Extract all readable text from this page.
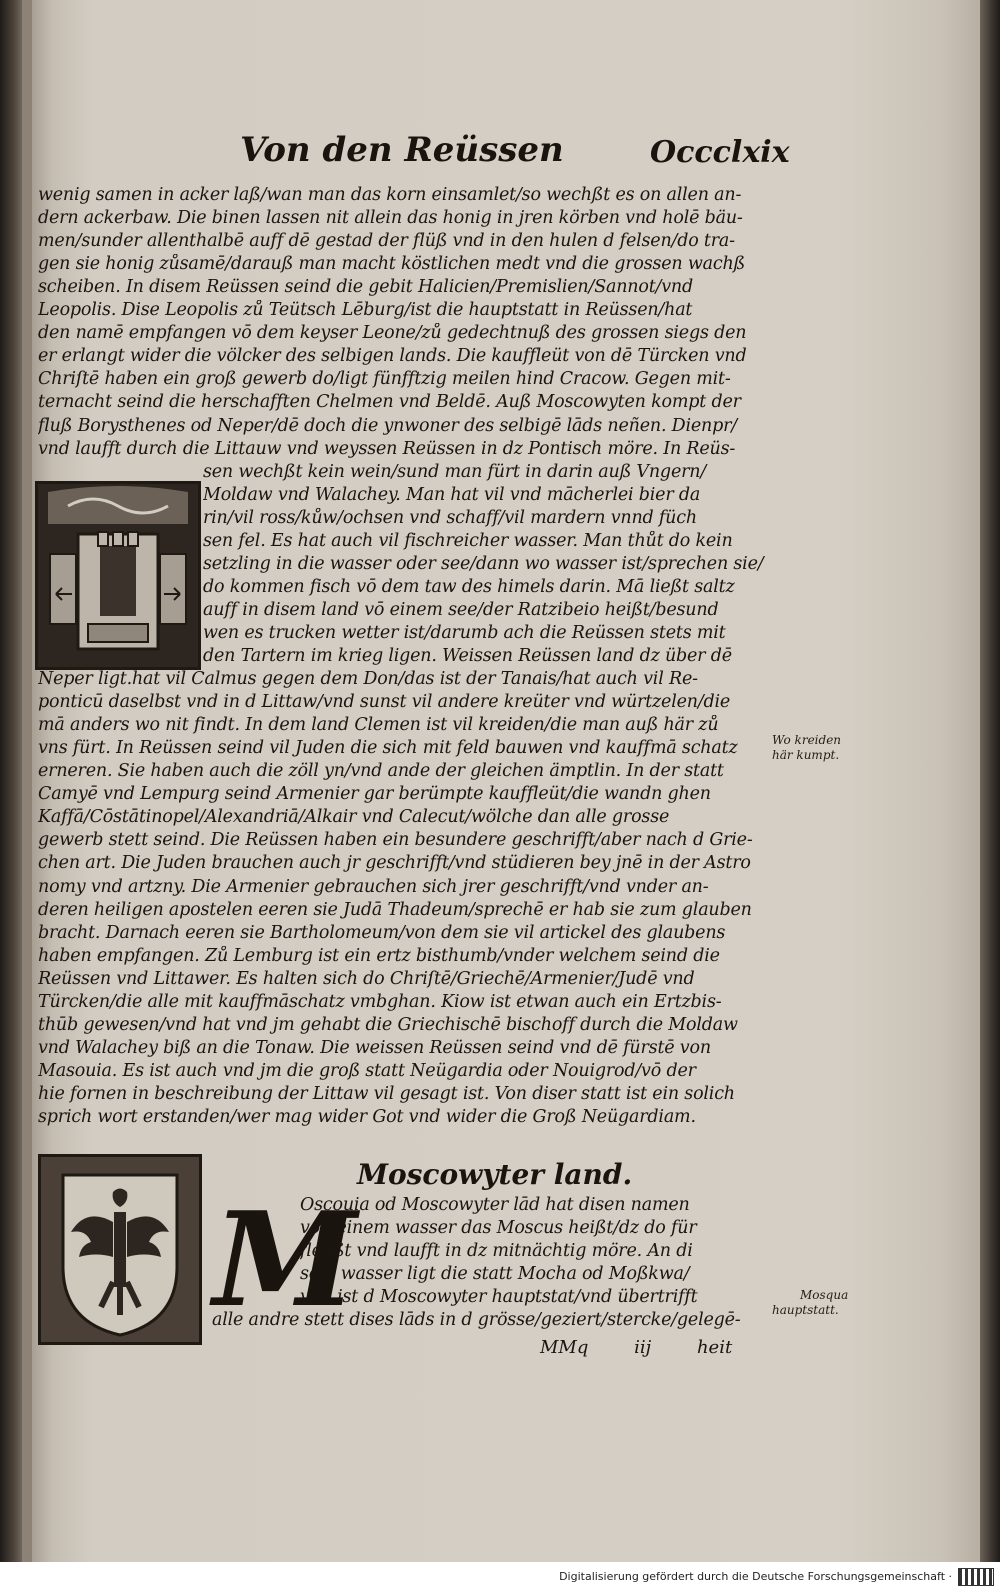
Von den Reüssen	Occclxix
wenig samen in acker laß/wan man das korn einsamlet/so wechßt es on allen an-
dern ackerbaw. Die binen lassen nit allein das honig in jren körben vnd holē bäu-
men/sunder allenthalbē auff dē gestad der flüß vnd in den hulen d felsen/do tra-
gen sie honig zůsamē/darauß man macht köstlichen medt vnd die grossen wachß
scheiben. In disem Reüssen seind die gebit Halicien/Premislien/Sannot/vnd
Leopolis. Dise Leopolis zů Teütsch Lēburg/ist die hauptstatt in Reüssen/hat
den namē empfangen vō dem keyser Leone/zů gedechtnuß des grossen siegs den
er erlangt wider die völcker des selbigen lands. Die kauffleüt von dē Türcken vnd
Chriſtē haben ein groß gewerb do/ligt fünfftzig meilen hind Cracow. Gegen mit-
ternacht seind die herschafften Chelmen vnd Beldē. Auß Moscowyten kompt der
fluß Borysthenes od Neper/dē doch die ynwoner des selbigē lāds neñen. Dienpr/
vnd laufft durch die Littauw vnd weyssen Reüssen in dz Pontisch möre. In Reüs-
sen wechßt kein wein/sund man fürt in darin auß Vngern/
Moldaw vnd Walachey. Man hat vil vnd mācherlei bier da
rin/vil ross/kůw/ochsen vnd schaff/vil mardern vnnd füch
sen fel. Es hat auch vil fischreicher wasser. Man thůt do kein
setzling in die wasser oder see/dann wo wasser ist/sprechen sie/
do kommen fisch vō dem taw des himels darin. Mā ließt saltz
auff in disem land vō einem see/der Ratzibeio heißt/besund
wen es trucken wetter ist/darumb ach die Reüssen stets mit
den Tartern im krieg ligen. Weissen Reüssen land dz über dē
Neper ligt.hat vil Calmus gegen dem Don/das ist der Tanais/hat auch vil Re-
ponticū daselbst vnd in d Littaw/vnd sunst vil andere kreüter vnd würtzelen/die
mā anders wo nit findt. In dem land Clemen ist vil kreiden/die man auß här zů
vns fürt. In Reüssen seind vil Juden die sich mit feld bauwen vnd kauffmā schatz
erneren. Sie haben auch die zöll yn/vnd ande der gleichen ämptlin. In der statt
Camyē vnd Lempurg seind Armenier gar berümpte kauffleüt/die wandn ghen
Kaffā/Cōstātinopel/Alexandriā/Alkair vnd Calecut/wölche dan alle grosse
gewerb stett seind. Die Reüssen haben ein besundere geschrifft/aber nach d Grie-
chen art. Die Juden brauchen auch jr geschrifft/vnd stüdieren bey jnē in der Astro
nomy vnd artzny. Die Armenier gebrauchen sich jrer geschrifft/vnd vnder an-
deren heiligen apostelen eeren sie Judā Thadeum/sprechē er hab sie zum glauben
bracht. Darnach eeren sie Bartholomeum/von dem sie vil artickel des glaubens
haben empfangen. Zů Lemburg ist ein ertz bisthumb/vnder welchem seind die
Reüssen vnd Littawer. Es halten sich do Chriſtē/Griechē/Armenier/Judē vnd
Türcken/die alle mit kauffmāschatz vmbghan. Kiow ist etwan auch ein Ertzbis-
thūb gewesen/vnd hat vnd jm gehabt die Griechischē bischoff durch die Moldaw
vnd Walachey biß an die Tonaw. Die weissen Reüssen seind vnd dē fürstē von
Masouia. Es ist auch vnd jm die groß statt Neügardia oder Nouigrod/vō der
hie fornen in beschreibung der Littaw vil gesagt ist. Von diser statt ist ein solich
sprich wort erstanden/wer mag wider Got vnd wider die Groß Neügardiam.
Wo kreiden
här kumpt.
Mosqua
hauptstatt.
Moscowyter land.
M
Oscouia od Moscowyter lād hat disen namen
von einem wasser das Moscus heißt/dz do für
fleüßt vnd laufft in dz mitnächtig möre. An di
sem wasser ligt die statt Mocha od Moßkwa/
vnd ist d Moscowyter hauptstat/vnd übertrifft
alle andre stett dises lāds in d grösse/geziert/stercke/gelegē-
MMq	iij	heit
Digitalisierung gefördert durch die Deutsche Forschungsgemeinschaft ·
